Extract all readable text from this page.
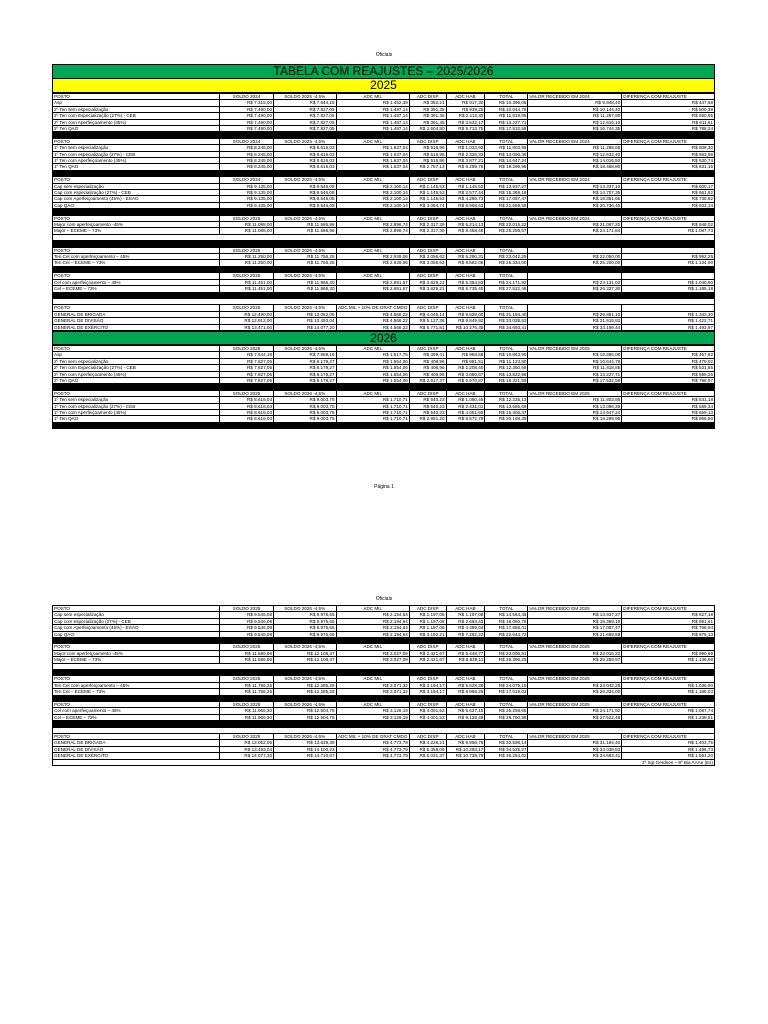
Oficiais
TABELA COM REAJUSTES – 2025/2026
2025
POSTO	SOLDO 2024	SOLDO 2025 -4,5%	ADC MIL	ADC DISP	ADC HAB	TOTAL	VALOR RECEBIDO EM 2024	DIFERENÇA COM REAJUSTE
Asp	R$ 7.315,00	R$ 7.644,18	R$ 1.452,39	R$ 382,21	R$ 917,30	R$ 10.396,08	R$ 9.948,40	R$ 447,68
2º Ten sem especialização	R$ 7.490,00	R$ 7.827,05	R$ 1.487,14	R$ 391,35	R$ 939,25	R$ 10.644,79	R$ 10.144,40	R$ 500,39
2º Ten com Especialização (27%) - CEB	R$ 7.490,00	R$ 7.827,05	R$ 1.487,14	R$ 391,35	R$ 2.113,30	R$ 11.818,85	R$ 11.267,90	R$ 550,95
2º Ten com Aperfeiçoamento (45%)	R$ 7.490,00	R$ 7.827,05	R$ 1.487,14	R$ 391,35	R$ 3.522,17	R$ 13.227,71	R$ 12.616,10	R$ 611,61
2º Ten QAO	R$ 7.490,00	R$ 7.827,05	R$ 1.487,14	R$ 2.504,80	R$ 5.713,75	R$ 17.532,59	R$ 16.744,35	R$ 788,24

POSTO	SOLDO 2024	SOLDO 2025 -4,5%	ADC MIL	ADC DISP	ADC HAB	TOTAL	VALOR RECEBIDO EM 2024	DIFERENÇA COM REAJUSTE
1º Ten sem especialização	R$ 8.245,00	R$ 8.616,03	R$ 1.637,04	R$ 516,96	R$ 1.033,92	R$ 11.803,95	R$ 11.295,65	R$ 508,30
1º Ten com especialização (27%) - CEB	R$ 8.245,00	R$ 8.616,03	R$ 1.637,04	R$ 516,96	R$ 2.326,33	R$ 13.096,36	R$ 12.532,40	R$ 563,96
1º Ten com Aperfeiçoamento (45%)	R$ 8.245,00	R$ 8.616,03	R$ 1.637,04	R$ 516,96	R$ 3.877,21	R$ 14.647,24	R$ 14.016,50	R$ 630,74
1º Ten QAO	R$ 8.245,00	R$ 8.616,03	R$ 1.637,04	R$ 2.757,13	R$ 6.289,75	R$ 19.299,95	R$ 18.468,80	R$ 831,15

POSTO	SOLDO 2024	SOLDO 2025 -4,5%	ADC MIL	ADC DISP	ADC HAB	TOTAL	VALOR RECEBIDO EM 2024	DIFERENÇA COM REAJUSTE
Cap sem especialização	R$ 9.135,00	R$ 9.546,08	R$ 2.100,14	R$ 1.145,53	R$ 1.145,53	R$ 13.937,27	R$ 13.337,10	R$ 600,17
Cap com especialização (27%) - CEB	R$ 9.135,00	R$ 9.546,08	R$ 2.100,14	R$ 1.145,53	R$ 2.577,44	R$ 15.369,19	R$ 14.707,35	R$ 661,82
Cap com Aperfeiçoamento (45%) - ESAO	R$ 9.135,00	R$ 9.546,08	R$ 2.100,14	R$ 1.145,53	R$ 4.295,73	R$ 17.087,47	R$ 16.351,65	R$ 735,82
Cap QAO	R$ 9.135,00	R$ 9.546,08	R$ 2.100,14	R$ 3.054,74	R$ 6.968,63	R$ 21.669,59	R$ 20.736,45	R$ 933,14

POSTO	SOLDO 2025	SOLDO 2026 -4,5%	ADC MIL	ADC DISP	ADC HAB	TOTAL	VALOR RECEBIDO EM 2024	DIFERENÇA COM REAJUSTE
Major com aperfeiçoamento -45%	R$ 11.088,00	R$ 11.586,96	R$ 2.896,74	R$ 2.317,39	R$ 5.214,13	R$ 22.015,22	R$ 21.067,20	R$ 948,02
Major – ECEME – 73%	R$ 11.088,00	R$ 11.586,96	R$ 2.896,74	R$ 2.317,39	R$ 8.458,48	R$ 25.259,57	R$ 24.171,84	R$ 1.087,73

POSTO	SOLDO 2025	SOLDO 2026 -4,5%	ADC MIL	ADC DISP	ADC HAB	TOTAL		
Ten Cel com aperfeiçoamento – 45%	R$ 11.250,00	R$ 11.756,25	R$ 2.939,06	R$ 3.056,63	R$ 5.290,31	R$ 23.042,25	R$ 22.050,00	R$ 992,25
Ten Cel – ECEME – 73%	R$ 11.250,00	R$ 11.756,25	R$ 2.939,06	R$ 3.056,63	R$ 8.582,06	R$ 26.334,00	R$ 25.200,00	R$ 1.134,00

POSTO	SOLDO 2025	SOLDO 2026 -4,5%	ADC MIL	ADC DISP	ADC HAB	TOTAL		
Cel com aperfeiçoamento – 45%	R$ 11.451,00	R$ 11.966,30	R$ 2.991,57	R$ 3.829,21	R$ 5.384,83	R$ 24.171,92	R$ 23.131,02	R$ 1.040,90
Cel – ECEME – 73%	R$ 11.451,00	R$ 11.966,30	R$ 2.991,57	R$ 3.829,21	R$ 8.735,40	R$ 27.522,48	R$ 26.337,30	R$ 1.185,18

POSTO	SOLDO 2025	SOLDO 2026 -4,5%	ADC MIL + 10% DE GRAT CMDO	ADC DISP	ADC HAB	TOTAL		
GENERAL DE BRIGADA	R$ 12.490,00	R$ 13.052,05	R$ 4.568,22	R$ 4.046,14	R$ 9.528,00	R$ 31.194,40	R$ 29.851,10	R$ 1.343,30
GENERAL DE DIVISÃO	R$ 12.912,00	R$ 13.493,04	R$ 4.568,22	R$ 5.127,36	R$ 9.849,92	R$ 33.038,53	R$ 31.615,82	R$ 1.422,71
GENERAL DE EXÉRCITO	R$ 13.471,00	R$ 14.077,20	R$ 4.568,22	R$ 5.771,81	R$ 10.276,35	R$ 34.693,41	R$ 33.199,44	R$ 1.493,97
2026
POSTO	SOLDO 2025	SOLDO 2026 -4,5%	ADC MIL	ADC DISP	ADC HAB	TOTAL	VALOR RECEBIDO EM 2025	DIFERENÇA COM REAJUSTE
Asp	R$ 7.644,18	R$ 7.988,16	R$ 1.517,75	R$ 399,41	R$ 958,58	R$ 10.863,90	R$ 10.396,08	R$ 467,82
2º Ten sem especialização	R$ 7.827,05	R$ 8.179,27	R$ 1.554,06	R$ 408,96	R$ 981,51	R$ 11.123,80	R$ 10.644,79	R$ 479,02
2º Ten com Especialização (27%) - CEB	R$ 7.827,05	R$ 8.179,27	R$ 1.554,06	R$ 408,96	R$ 2.208,40	R$ 12.350,69	R$ 11.818,85	R$ 531,85
2º Ten com Aperfeiçoamento (45%)	R$ 7.827,05	R$ 8.179,27	R$ 1.554,06	R$ 408,96	R$ 3.680,67	R$ 13.822,96	R$ 13.227,71	R$ 595,25
2º Ten QAO	R$ 7.827,05	R$ 8.179,27	R$ 1.554,06	R$ 2.617,37	R$ 5.970,87	R$ 18.321,56	R$ 17.532,59	R$ 788,97

POSTO	SOLDO 2025	SOLDO 2026 -4,5%	ADC MIL	ADC DISP	ADC HAB	TOTAL	VALOR RECEBIDO EM 2025	DIFERENÇA COM REAJUSTE
1º Ten sem especialização	R$ 8.616,03	R$ 9.003,75	R$ 1.710,71	R$ 540,23	R$ 1.080,45	R$ 12.335,13	R$ 11.803,95	R$ 531,18
1º Ten com especialização (27%) - CEB	R$ 8.616,03	R$ 9.003,75	R$ 1.710,71	R$ 540,23	R$ 2.431,01	R$ 13.685,69	R$ 13.096,36	R$ 589,34
1º Ten com Aperfeiçoamento (45%)	R$ 8.616,03	R$ 9.003,75	R$ 1.710,71	R$ 540,23	R$ 4.051,69	R$ 15.306,37	R$ 14.647,24	R$ 659,13
1º Ten QAO	R$ 8.616,03	R$ 9.003,75	R$ 1.710,71	R$ 2.881,20	R$ 6.572,79	R$ 20.168,39	R$ 19.299,95	R$ 868,50

Página 1
Oficiais
POSTO	SOLDO 2025	SOLDO 2026 -4,5%	ADC MIL	ADC DISP	ADC HAB	TOTAL	VALOR RECEBIDO EM 2025	DIFERENÇA COM REAJUSTE
Cap sem especialização	R$ 9.546,08	R$ 9.975,65	R$ 2.194,64	R$ 1.197,08	R$ 1.197,08	R$ 14.564,45	R$ 13.937,27	R$ 627,18
Cap com especialização (27%) - CEB	R$ 9.546,08	R$ 9.975,65	R$ 2.194,64	R$ 1.197,08	R$ 2.693,43	R$ 16.060,79	R$ 15.369,19	R$ 691,61
Cap com Aperfeiçoamento (45%) - ESAO	R$ 9.546,08	R$ 9.975,65	R$ 2.194,64	R$ 1.197,08	R$ 4.489,04	R$ 17.856,41	R$ 17.087,47	R$ 768,94
Cap QAO	R$ 9.546,08	R$ 9.975,65	R$ 2.194,64	R$ 3.192,21	R$ 7.282,22	R$ 22.644,72	R$ 21.669,59	R$ 975,13

POSTO	SOLDO 2025	SOLDO 2026 -4,5%	ADC MIL	ADC DISP	ADC HAB	TOTAL	VALOR RECEBIDO EM 2025	DIFERENÇA COM REAJUSTE
Major com aperfeiçoamento -45%	R$ 11.586,96	R$ 12.108,37	R$ 3.027,09	R$ 2.421,67	R$ 5.448,77	R$ 23.005,91	R$ 22.015,22	R$ 990,69
Major – ECEME – 73%	R$ 11.586,96	R$ 12.108,37	R$ 3.027,09	R$ 2.421,67	R$ 8.839,11	R$ 26.396,25	R$ 25.259,57	R$ 1.136,68

POSTO	SOLDO 2025	SOLDO 2026 -4,5%	ADC MIL	ADC DISP	ADC HAB	TOTAL	VALOR RECEBIDO EM 2025	DIFERENÇA COM REAJUSTE
Ten Cel com aperfeiçoamento – 45%	R$ 11.756,25	R$ 12.285,28	R$ 3.071,32	R$ 3.194,17	R$ 5.528,38	R$ 24.079,15	R$ 23.042,25	R$ 1.036,90
Ten Cel – ECEME – 73%	R$ 11.756,25	R$ 12.285,28	R$ 3.071,32	R$ 3.194,17	R$ 8.968,26	R$ 27.519,03	R$ 26.334,00	R$ 1.185,03

POSTO	SOLDO 2025	SOLDO 2026 -4,5%	ADC MIL	ADC DISP	ADC HAB	TOTAL	VALOR RECEBIDO EM 2025	DIFERENÇA COM REAJUSTE
Cel com aperfeiçoamento – 45%	R$ 11.966,30	R$ 12.504,78	R$ 3.126,19	R$ 4.001,53	R$ 5.627,15	R$ 25.259,65	R$ 24.171,92	R$ 1.087,74
Cel – ECEME – 73%	R$ 11.966,30	R$ 12.504,78	R$ 3.126,19	R$ 4.001,53	R$ 9.128,49	R$ 28.760,99	R$ 27.522,48	R$ 1.238,51

POSTO	SOLDO 2025	SOLDO 2026 -4,5%	ADC MIL + 10% DE GRAT CMDO	ADC DISP	ADC HAB	TOTAL	VALOR RECEBIDO EM 2025	DIFERENÇA COM REAJUSTE
GENERAL DE BRIGADA	R$ 13.052,05	R$ 13.639,39	R$ 4.773,79	R$ 4.228,21	R$ 9.956,75	R$ 32.598,14	R$ 31.194,40	R$ 1.403,75
GENERAL DE DIVISÃO	R$ 13.493,04	R$ 14.100,23	R$ 4.773,79	R$ 5.358,09	R$ 10.293,17	R$ 34.525,27	R$ 33.038,53	R$ 1.486,73
GENERAL DE EXÉRCITO	R$ 14.077,20	R$ 14.710,67	R$ 4.773,79	R$ 6.031,37	R$ 10.738,79	R$ 36.254,62	R$ 34.693,41	R$ 1.561,20
2º Sgt Gerdson – 9º Bia AAAe (Es)
